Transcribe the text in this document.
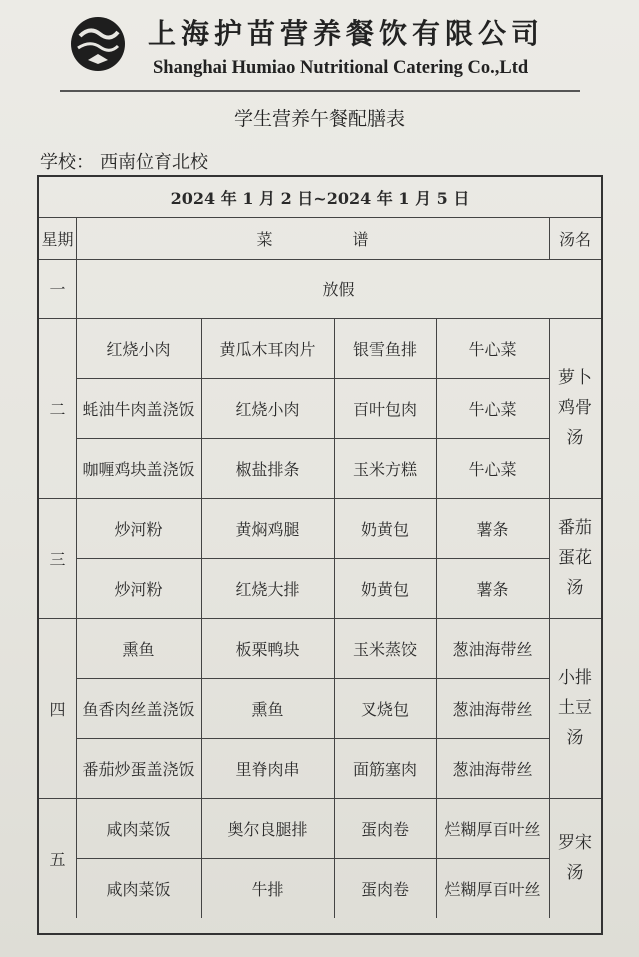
上海护苗营养餐饮有限公司
Shanghai Humiao Nutritional Catering Co.,Ltd
学生营养午餐配膳表
学校： 西南位育北校
2024 年 1 月 2 日~2024 年 1 月 5 日
星期	菜　　　　　谱	汤名
一	放假
二
红烧小肉	黄瓜木耳肉片	银雪鱼排	牛心菜
蚝油牛肉盖浇饭	红烧小肉	百叶包肉	牛心菜
咖喱鸡块盖浇饭	椒盐排条	玉米方糕	牛心菜
萝卜
鸡骨
汤
三
炒河粉	黄焖鸡腿	奶黄包	薯条
炒河粉	红烧大排	奶黄包	薯条
番茄
蛋花
汤
四
熏鱼	板栗鸭块	玉米蒸饺	葱油海带丝
鱼香肉丝盖浇饭	熏鱼	叉烧包	葱油海带丝
番茄炒蛋盖浇饭	里脊肉串	面筋塞肉	葱油海带丝
小排
土豆
汤
五
咸肉菜饭	奥尔良腿排	蛋肉卷	烂糊厚百叶丝
咸肉菜饭	牛排	蛋肉卷	烂糊厚百叶丝
罗宋
汤
